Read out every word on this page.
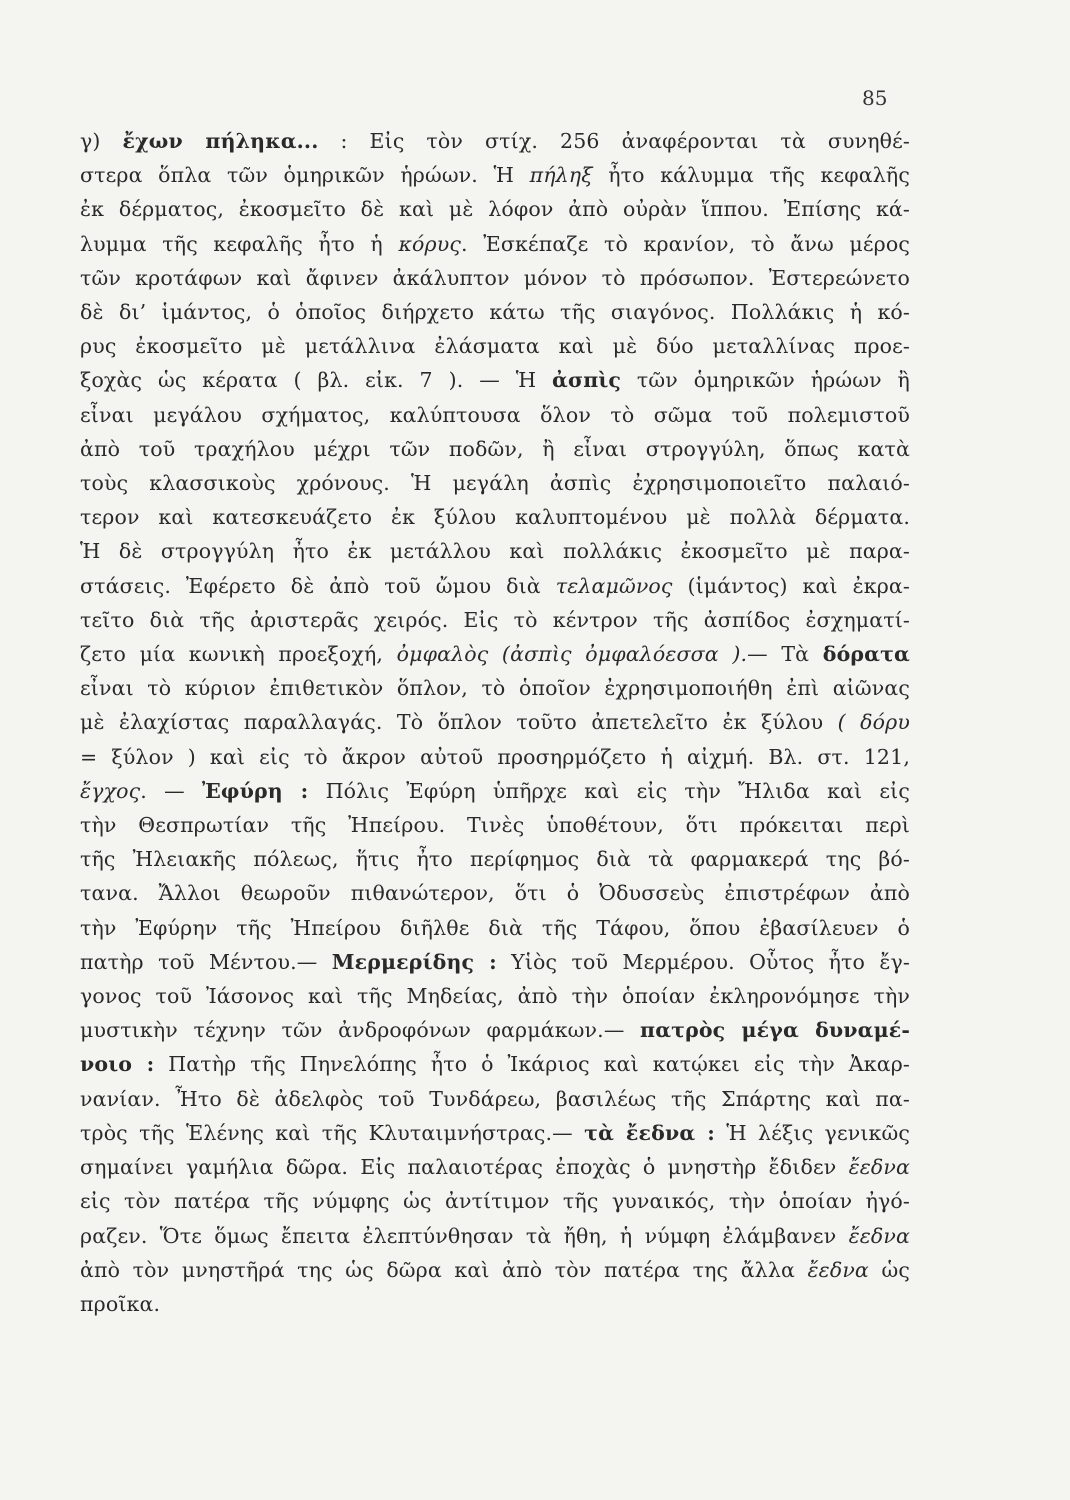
85
γ) ἔχων πήληκα... : Εἰς τὸν στίχ. 256 ἀναφέρονται τὰ συνηθέ-
στερα ὅπλα τῶν ὁμηρικῶν ἡρώων. Ἡ πήληξ ἦτο κάλυμμα τῆς κεφαλῆς
ἐκ δέρματος, ἐκοσμεῖτο δὲ καὶ μὲ λόφον ἀπὸ οὐρὰν ἵππου. Ἐπίσης κά-
λυμμα τῆς κεφαλῆς ἦτο ἡ κόρυς. Ἐσκέπαζε τὸ κρανίον, τὸ ἄνω μέρος
τῶν κροτάφων καὶ ἄφινεν ἀκάλυπτον μόνον τὸ πρόσωπον. Ἐστερεώνετο
δὲ δι’ ἱμάντος, ὁ ὁποῖος διήρχετο κάτω τῆς σιαγόνος. Πολλάκις ἡ κό-
ρυς ἐκοσμεῖτο μὲ μετάλλινα ἐλάσματα καὶ μὲ δύο μεταλλίνας προε-
ξοχὰς ὡς κέρατα ( βλ. εἰκ. 7 ). — Ἡ ἀσπὶς τῶν ὁμηρικῶν ἡρώων ἢ
εἶναι μεγάλου σχήματος, καλύπτουσα ὅλον τὸ σῶμα τοῦ πολεμιστοῦ
ἀπὸ τοῦ τραχήλου μέχρι τῶν ποδῶν, ἢ εἶναι στρογγύλη, ὅπως κατὰ
τοὺς κλασσικοὺς χρόνους. Ἡ μεγάλη ἀσπὶς ἐχρησιμοποιεῖτο παλαιό-
τερον καὶ κατεσκευάζετο ἐκ ξύλου καλυπτομένου μὲ πολλὰ δέρματα.
Ἡ δὲ στρογγύλη ἦτο ἐκ μετάλλου καὶ πολλάκις ἐκοσμεῖτο μὲ παρα-
στάσεις. Ἐφέρετο δὲ ἀπὸ τοῦ ὤμου διὰ τελαμῶνος (ἱμάντος) καὶ ἐκρα-
τεῖτο διὰ τῆς ἀριστερᾶς χειρός. Εἰς τὸ κέντρον τῆς ἀσπίδος ἐσχηματί-
ζετο μία κωνικὴ προεξοχή, ὀμφαλὸς (ἀσπὶς ὀμφαλόεσσα ).— Τὰ δόρατα
εἶναι τὸ κύριον ἐπιθετικὸν ὅπλον, τὸ ὁποῖον ἐχρησιμοποιήθη ἐπὶ αἰῶνας
μὲ ἐλαχίστας παραλλαγάς. Τὸ ὅπλον τοῦτο ἀπετελεῖτο ἐκ ξύλου ( δόρυ
= ξύλον ) καὶ εἰς τὸ ἄκρον αὐτοῦ προσηρμόζετο ἡ αἰχμή. Βλ. στ. 121,
ἔγχος. — Ἐφύρη : Πόλις Ἐφύρη ὑπῆρχε καὶ εἰς τὴν Ἤλιδα καὶ εἰς
τὴν Θεσπρωτίαν τῆς Ἠπείρου. Τινὲς ὑποθέτουν, ὅτι πρόκειται περὶ
τῆς Ἠλειακῆς πόλεως, ἥτις ἦτο περίφημος διὰ τὰ φαρμακερά της βό-
τανα. Ἄλλοι θεωροῦν πιθανώτερον, ὅτι ὁ Ὀδυσσεὺς ἐπιστρέφων ἀπὸ
τὴν Ἐφύρην τῆς Ἠπείρου διῆλθε διὰ τῆς Τάφου, ὅπου ἐβασίλευεν ὁ
πατὴρ τοῦ Μέντου.— Μερμερίδης : Υἱὸς τοῦ Μερμέρου. Οὗτος ἦτο ἔγ-
γονος τοῦ Ἰάσονος καὶ τῆς Μηδείας, ἀπὸ τὴν ὁποίαν ἐκληρονόμησε τὴν
μυστικὴν τέχνην τῶν ἀνδροφόνων φαρμάκων.— πατρὸς μέγα δυναμέ-
νοιο : Πατὴρ τῆς Πηνελόπης ἦτο ὁ Ἰκάριος καὶ κατῴκει εἰς τὴν Ἀκαρ-
νανίαν. Ἦτο δὲ ἀδελφὸς τοῦ Τυνδάρεω, βασιλέως τῆς Σπάρτης καὶ πα-
τρὸς τῆς Ἑλένης καὶ τῆς Κλυταιμνήστρας.— τὰ ἔεδνα : Ἡ λέξις γενικῶς
σημαίνει γαμήλια δῶρα. Εἰς παλαιοτέρας ἐποχὰς ὁ μνηστὴρ ἔδιδεν ἔεδνα
εἰς τὸν πατέρα τῆς νύμφης ὡς ἀντίτιμον τῆς γυναικός, τὴν ὁποίαν ἠγό-
ραζεν. Ὅτε ὅμως ἔπειτα ἐλεπτύνθησαν τὰ ἤθη, ἡ νύμφη ἐλάμβανεν ἔεδνα
ἀπὸ τὸν μνηστῆρά της ὡς δῶρα καὶ ἀπὸ τὸν πατέρα της ἄλλα ἔεδνα ὡς
προῖκα.
